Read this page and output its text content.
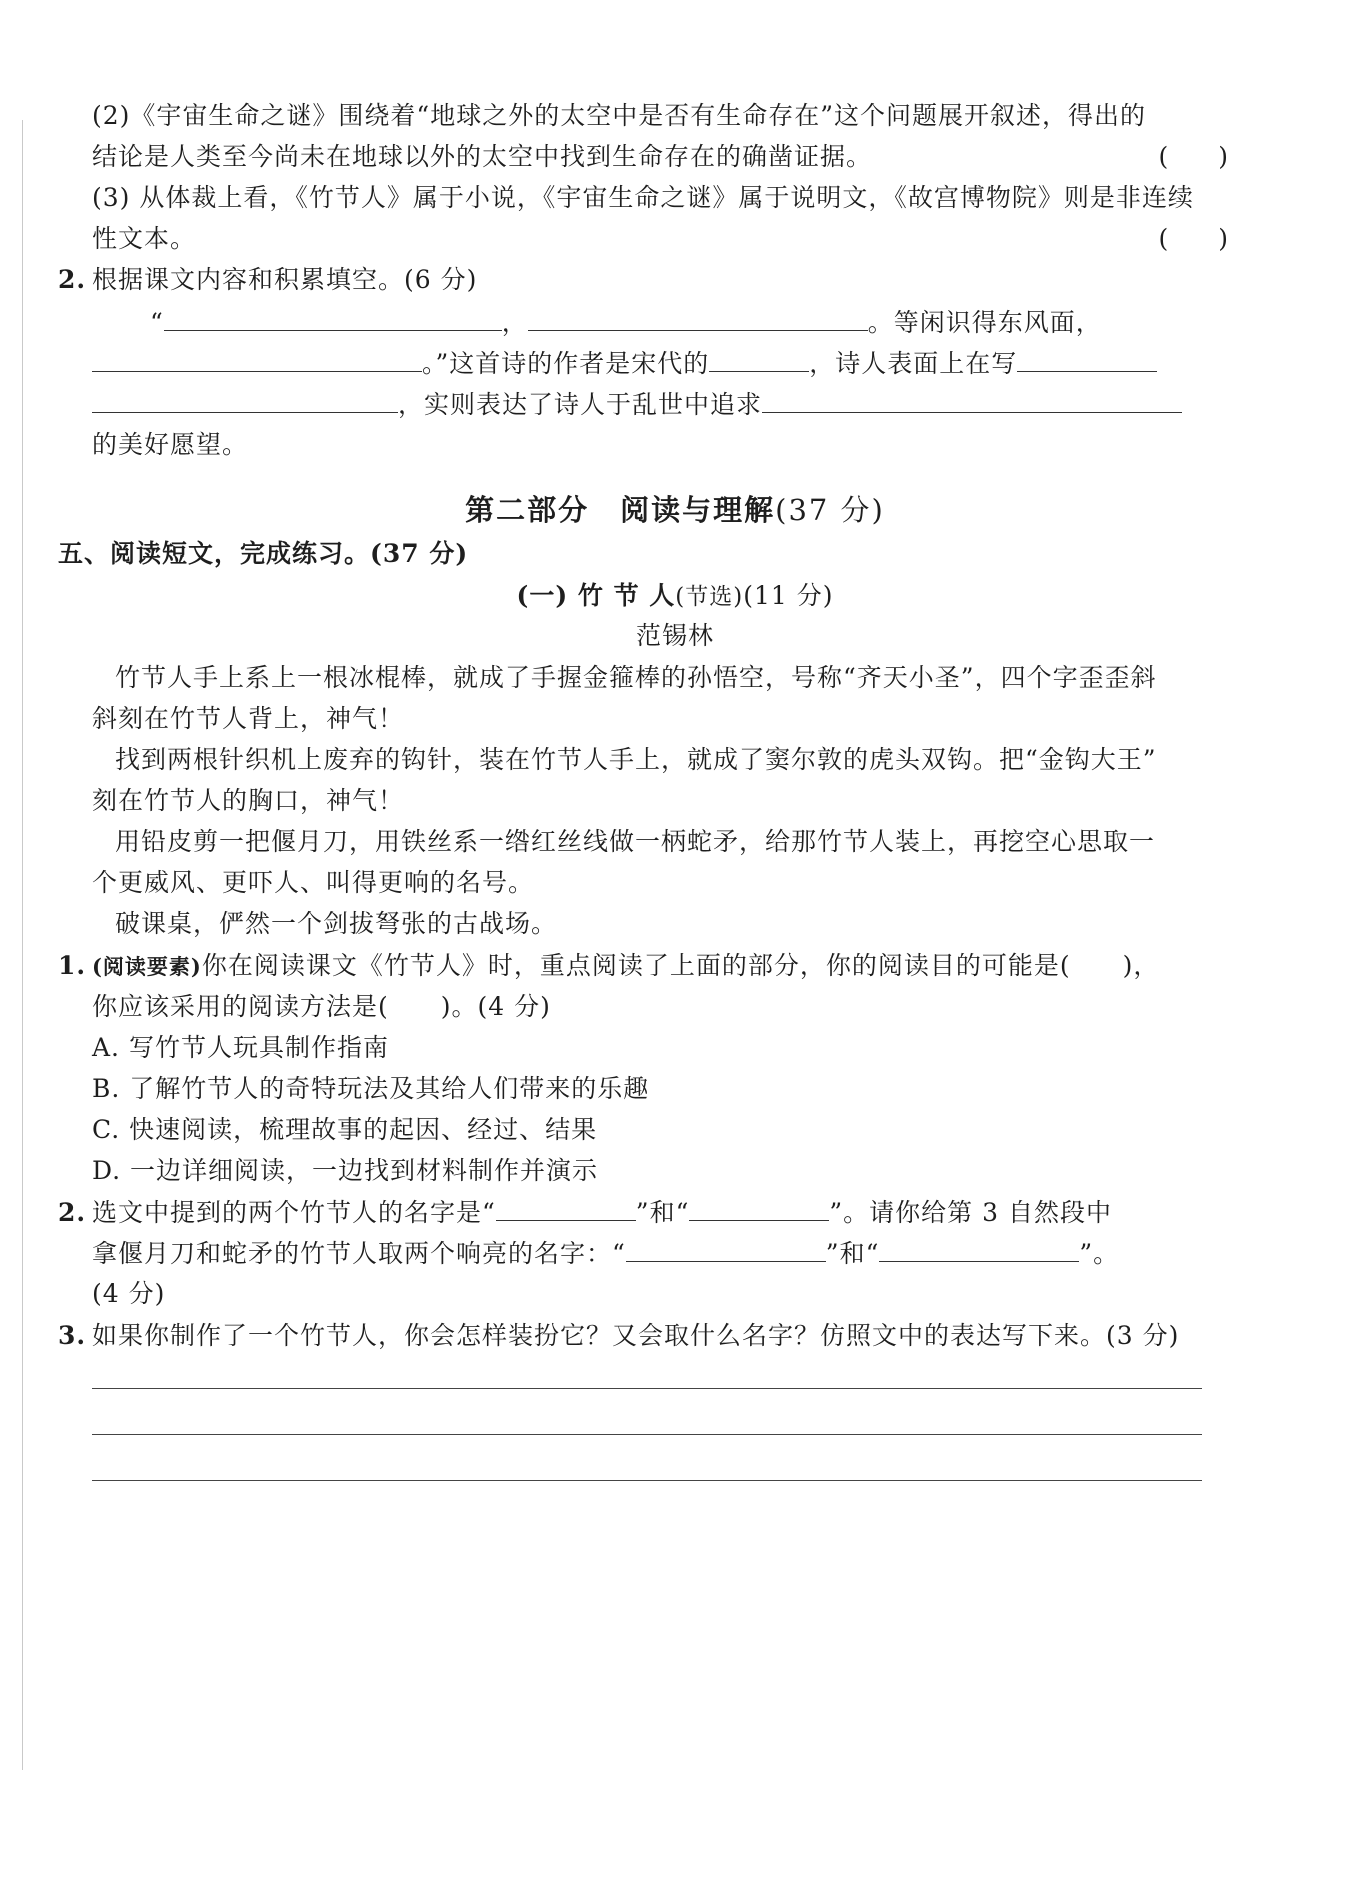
(2)《宇宙生命之谜》围绕着“地球之外的太空中是否有生命存在”这个问题展开叙述，得出的
结论是人类至今尚未在地球以外的太空中找到生命存在的确凿证据。	(　　)
(3) 从体裁上看，《竹节人》属于小说，《宇宙生命之谜》属于说明文，《故宫博物院》则是非连续
性文本。	(　　)
2. 根据课文内容和积累填空。(6 分)
“	，	。等闲识得东风面，
。”这首诗的作者是宋代的	，诗人表面上在写
，实则表达了诗人于乱世中追求
的美好愿望。
第二部分　阅读与理解(37 分)
五、阅读短文，完成练习。(37 分)
(一) 竹 节 人(节选)(11 分)
范锡林
竹节人手上系上一根冰棍棒，就成了手握金箍棒的孙悟空，号称“齐天小圣”，四个字歪歪斜
斜刻在竹节人背上，神气！
找到两根针织机上废弃的钩针，装在竹节人手上，就成了窦尔敦的虎头双钩。把“金钩大王”
刻在竹节人的胸口，神气！
用铅皮剪一把偃月刀，用铁丝系一绺红丝线做一柄蛇矛，给那竹节人装上，再挖空心思取一
个更威风、更吓人、叫得更响的名号。
破课桌，俨然一个剑拔弩张的古战场。
1. (阅读要素)你在阅读课文《竹节人》时，重点阅读了上面的部分，你的阅读目的可能是(　　)，
你应该采用的阅读方法是(　　)。(4 分)
A. 写竹节人玩具制作指南
B. 了解竹节人的奇特玩法及其给人们带来的乐趣
C. 快速阅读，梳理故事的起因、经过、结果
D. 一边详细阅读，一边找到材料制作并演示
2. 选文中提到的两个竹节人的名字是“	”和“	”。请你给第 3 自然段中
拿偃月刀和蛇矛的竹节人取两个响亮的名字：“	”和“	”。
(4 分)
3. 如果你制作了一个竹节人，你会怎样装扮它？又会取什么名字？仿照文中的表达写下来。(3 分)
